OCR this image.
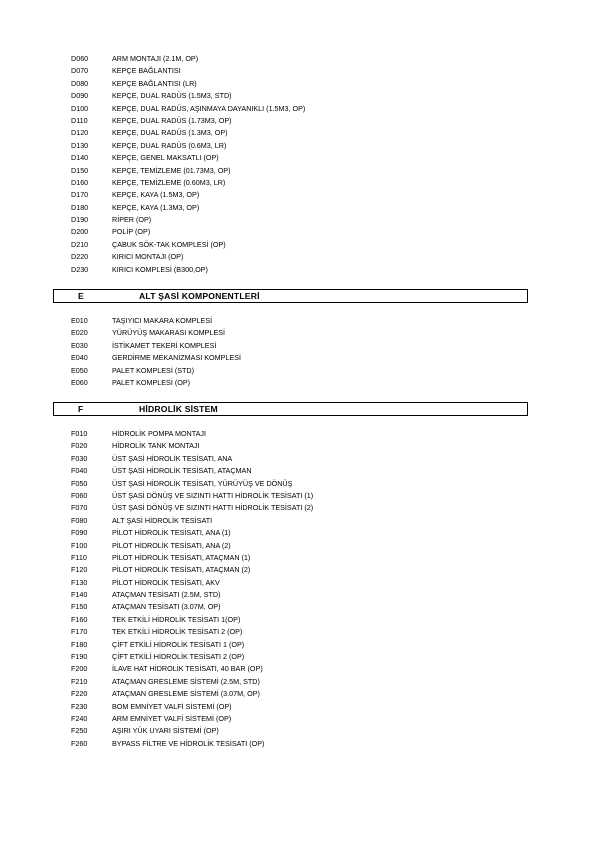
D060	ARM MONTAJI (2.1M, OP)
D070	KEPÇE BAĞLANTISI
D080	KEPÇE BAĞLANTISI (LR)
D090	KEPÇE, DUAL RADÜS (1.5M3, STD)
D100	KEPÇE, DUAL RADÜS, AŞINMAYA DAYANIKLI (1.5M3, OP)
D110	KEPÇE, DUAL RADÜS (1.73M3, OP)
D120	KEPÇE, DUAL RADÜS (1.3M3, OP)
D130	KEPÇE, DUAL RADÜS (0.6M3, LR)
D140	KEPÇE, GENEL MAKSATLI (OP)
D150	KEPÇE, TEMİZLEME (01.73M3, OP)
D160	KEPÇE, TEMİZLEME (0.60M3, LR)
D170	KEPÇE, KAYA (1.5M3, OP)
D180	KEPÇE, KAYA (1.3M3, OP)
D190	RİPER (OP)
D200	POLİP (OP)
D210	ÇABUK SÖK-TAK KOMPLESİ (OP)
D220	KIRICI MONTAJI (OP)
D230	KIRICI KOMPLESİ (B300,OP)
E	ALT ŞASİ KOMPONENTLERİ
E010	TAŞIYICI MAKARA KOMPLESİ
E020	YÜRÜYÜŞ MAKARASI KOMPLESİ
E030	İSTİKAMET TEKERİ KOMPLESİ
E040	GERDİRME MEKANİZMASI KOMPLESİ
E050	PALET KOMPLESİ (STD)
E060	PALET KOMPLESİ (OP)
F	HİDROLİK SİSTEM
F010	HİDROLİK POMPA MONTAJI
F020	HİDROLİK TANK MONTAJI
F030	ÜST ŞASİ HİDROLİK TESİSATI, ANA
F040	ÜST ŞASİ HİDROLİK TESİSATI, ATAÇMAN
F050	ÜST ŞASİ HİDROLİK TESİSATI, YÜRÜYÜŞ VE DÖNÜŞ
F060	ÜST ŞASİ DÖNÜŞ VE SIZINTI HATTI HİDROLİK TESİSATI (1)
F070	ÜST ŞASİ DÖNÜŞ VE SIZINTI HATTI HİDROLİK TESİSATI (2)
F080	ALT ŞASİ HİDROLİK TESİSATI
F090	PİLOT HİDROLİK TESİSATI, ANA (1)
F100	PİLOT HİDROLİK TESİSATI, ANA (2)
F110	PİLOT HİDROLİK TESİSATI, ATAÇMAN (1)
F120	PİLOT HİDROLİK TESİSATI, ATAÇMAN (2)
F130	PİLOT HİDROLİK TESİSATI, AKV
F140	ATAÇMAN TESİSATI (2.5M, STD)
F150	ATAÇMAN TESİSATI (3.07M, OP)
F160	TEK ETKİLİ HİDROLİK TESİSATI 1(OP)
F170	TEK ETKİLİ HİDROLİK TESİSATI 2 (OP)
F180	ÇİFT ETKİLİ HİDROLİK TESİSATI 1 (OP)
F190	ÇİFT ETKİLİ HİDROLİK TESİSATI 2 (OP)
F200	İLAVE HAT HİDROLİK TESİSATI, 40 BAR (OP)
F210	ATAÇMAN GRESLEME SİSTEMİ (2.5M, STD)
F220	ATAÇMAN GRESLEME SİSTEMİ (3.07M, OP)
F230	BOM EMNİYET VALFİ SİSTEMİ (OP)
F240	ARM EMNİYET VALFİ SİSTEMİ (OP)
F250	AŞIRI YÜK UYARI SİSTEMİ (OP)
F260	BYPASS FİLTRE VE HİDROLİK TESİSATI (OP)
